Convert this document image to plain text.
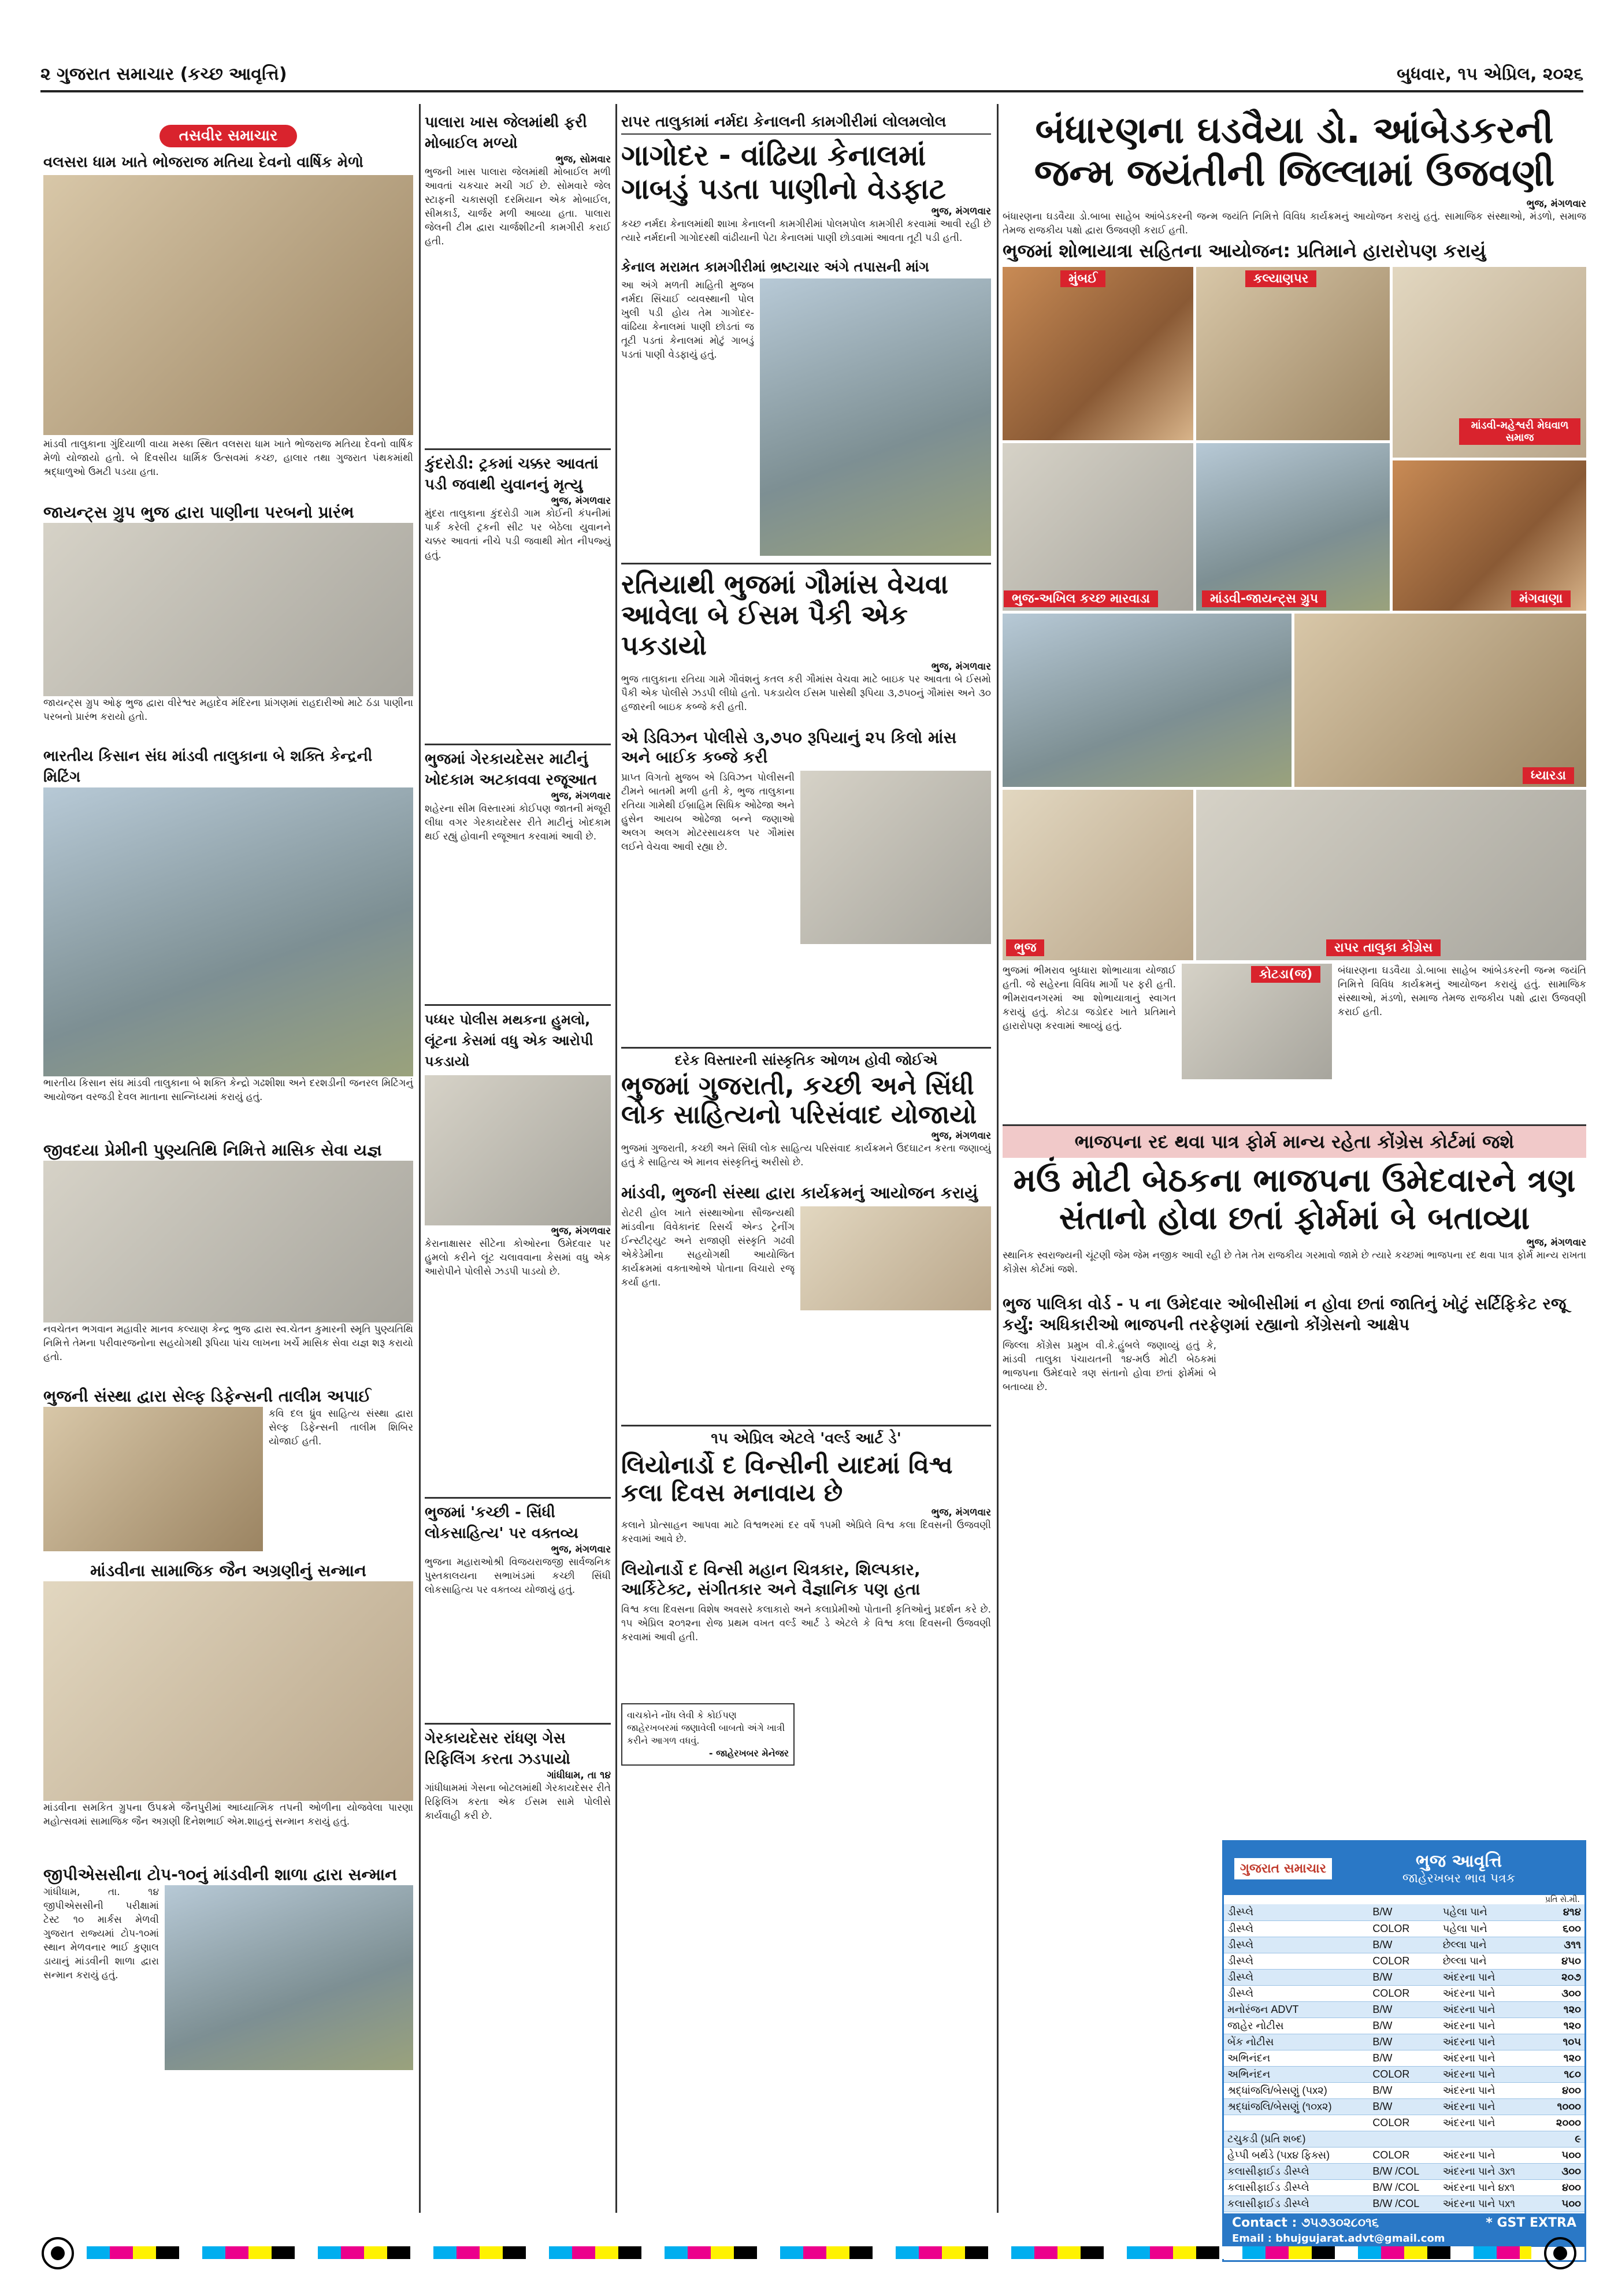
૨ ગુજરાત સમાચાર (કચ્છ આવૃત્તિ)	બુધવાર, ૧૫ એપ્રિલ, ૨૦૨૬
તસવીર સમાચાર
વલસરા ધામ ખાતે ભોજરાજ મતિયા દેવનો વાર્ષિક મેળો
માંડવી તાલુકાના ગુંદિયાળી વાયા મસ્કા સ્થિત વલસરા ધામ ખાતે ભોજરાજ મતિયા દેવનો વાર્ષિક મેળો યોજાયો હતો. બે દિવસીય ધાર્મિક ઉત્સવમાં કચ્છ, હાલાર તથા ગુજરાત પંથકમાંથી શ્રદ્ધાળુઓ ઉમટી પડયા હતા.
જાયન્ટ્સ ગ્રુપ ભુજ દ્વારા પાણીના પરબનો પ્રારંભ
જાયન્ટ્સ ગ્રુપ ઓફ ભુજ દ્વારા વીરેશ્વર મહાદેવ મંદિરના પ્રાંગણમાં રાહદારીઓ માટે ઠંડા પાણીના પરબનો પ્રારંભ કરાયો હતો.
ભારતીય કિસાન સંઘ માંડવી તાલુકાના બે શક્તિ કેન્દ્રની મિટિંગ
ભારતીય કિસાન સંઘ માંડવી તાલુકાના બે શક્તિ કેન્દ્રો ગઢશીશા અને દરશડીની જનરલ મિટિંગનું આયોજન વરજડી દેવલ માતાના સાન્નિધ્યમાં કરાયું હતું.
જીવદયા પ્રેમીની પુણ્યતિથિ નિમિત્તે માસિક સેવા યજ્ઞ
નવચેતન ભગવાન મહાવીર માનવ કલ્યાણ કેન્દ્ર ભુજ દ્વારા સ્વ.ચેતન કુમારની સ્મૃતિ પુણ્યતિથિ નિમિત્તે તેમના પરીવારજનોના સહયોગથી રૂપિયા પાંચ લાખના ખર્ચે માસિક સેવા યજ્ઞ શરૂ કરાયો હતો.
ભુજની સંસ્થા દ્વારા સેલ્ફ ડિફેન્સની તાલીમ અપાઈ
કવિ દલ ધ્રુંવ સાહિત્ય સંસ્થા દ્વારા સેલ્ફ ડિફેન્સની તાલીમ શિબિર યોજાઈ હતી.
માંડવીના સામાજિક જૈન અગ્રણીનું સન્માન
માંડવીના સમકિત ગ્રુપના ઉપક્રમે જૈનપુરીમાં આધ્યાત્મિક તપની ઓળીના યોજવેલા પારણા મહોત્સવમાં સામાજિક જૈન અગ્રણી દિનેશભાઈ એમ.શાહનું સન્માન કરાયું હતું.
જીપીએસસીના ટોપ-૧૦નું માંડવીની શાળા દ્વારા સન્માન
ગાંધીધામ, તા. ૧૪ જીપીએસસીની પરીક્ષામાં ટેસ્ટ ૧૦ માર્કસ મેળવી ગુજરાત રાજ્યમાં ટોપ-૧૦માં સ્થાન મેળવનાર ભાઈ કુણાલ ડાયાનું માંડવીની શાળા દ્વારા સન્માન કરાયું હતું.
પાલારા ખાસ જેલમાંથી ફરી મોબાઈલ મળ્યો
ભુજ, સોમવાર
ભુજની ખાસ પાલારા જેલમાંથી મોબાઈલ મળી આવતાં ચકચાર મચી ગઈ છે. સોમવારે જેલ સ્ટાફની ચકાસણી દરમિયાન એક મોબાઈલ, સીમકાર્ડ, ચાર્જર મળી આવ્યા હતા. પાલારા જેલની ટીમ દ્વારા ચાર્જશીટની કામગીરી કરાઈ હતી.
કુંદરોડી: ટ્રકમાં ચક્કર આવતાં પડી જવાથી યુવાનનું મૃત્યુ
ભુજ, મંગળવાર
મુંદરા તાલુકાના કુંદરોડી ગામ કોઈની કંપનીમાં પાર્ક કરેલી ટ્રકની સીટ પર બેઠેલા યુવાનને ચક્કર આવતાં નીચે પડી જવાથી મોત નીપજ્યું હતું.
ભુજમાં ગેરકાયદેસર માટીનું ખોદકામ અટકાવવા રજૂઆત
ભુજ, મંગળવાર
શહેરના સીમ વિસ્તારમાં કોઈપણ જાતની મંજૂરી લીધા વગર ગેરકાયદેસર રીતે માટીનું ખોદકામ થઈ રહ્યું હોવાની રજૂઆત કરવામાં આવી છે.
પધ્ધર પોલીસ મથકના હુમલો, લૂંટના કેસમાં વધુ એક આરોપી પકડાયો
ભુજ, મંગળવાર
કેરાનાક્ષાસર સીટેના કોઓરના ઉમેદવાર પર હુમલો કરીને લૂંટ ચલાવવાના કેસમાં વધુ એક આરોપીને પોલીસે ઝડપી પાડયો છે.
ભુજમાં 'કચ્છી - સિંધી લોકસાહિત્ય' પર વક્તવ્ય
ભુજ, મંગળવાર
ભુજના મહારાઓશ્રી વિજયરાજજી સાર્વજનિક પુસ્તકાલયના સભાખંડમાં કચ્છી સિંધી લોકસાહિત્ય પર વક્તવ્ય યોજાયું હતું.
ગેરકાયદેસર રાંધણ ગેસ રિફિલિંગ કરતા ઝડપાયો
ગાંધીધામ, તા ૧૪
ગાંધીધામમાં ગેસના બોટલમાંથી ગેરકાયદેસર રીતે રિફિલિંગ કરતા એક ઈસમ સામે પોલીસે કાર્યવાહી કરી છે.
રાપર તાલુકામાં નર્મદા કેનાલની કામગીરીમાં લોલમલોલ
ગાગોદર - વાંઢિયા કેનાલમાં ગાબડું પડતા પાણીનો વેડફાટ
ભુજ, મંગળવાર
કચ્છ નર્મદા કેનાલમાંથી શાખા કેનાલની કામગીરીમાં પોલમપોલ કામગીરી કરવામાં આવી રહી છે ત્યારે નર્મદાની ગાગોદરથી વાંઢીયાની પેટા કેનાલમાં પાણી છોડવામાં આવતા તૂટી પડી હતી.
કેનાલ મરામત કામગીરીમાં ભ્રષ્ટાચાર અંગે તપાસની માંગ
આ અંગે મળતી માહિતી મુજબ નર્મદા સિંચાઈ વ્યવસ્થાની પોલ ખુલી પડી હોય તેમ ગાગોદર-વાંઢિયા કેનાલમાં પાણી છોડતાં જ તૂટી પડતાં કેનાલમાં મોટું ગાબડું પડતાં પાણી વેડફાયું હતું.
રતિયાથી ભુજમાં ગૌમાંસ વેચવા આવેલા બે ઈસમ પૈકી એક પકડાયો
ભુજ, મંગળવાર
ભુજ તાલુકાના રતિયા ગામે ગૌવંશનું કતલ કરી ગૌમાંસ વેચવા માટે બાઇક પર આવતા બે ઈસમો પૈકી એક પોલીસે ઝડપી લીધો હતો. પકડાયેલ ઈસમ પાસેથી રૂપિયા ૩,૭૫૦નું ગૌમાંસ અને ૩૦ હજારની બાઇક કબ્જે કરી હતી.
એ ડિવિઝન પોલીસે ૩,૭૫૦ રૂપિયાનું ૨૫ કિલો માંસ અને બાઈક કબ્જે કરી
પ્રાપ્ત વિગતો મુજબ એ ડિવિઝન પોલીસની ટીમને બાતમી મળી હતી કે, ભુજ તાલુકાના રતિયા ગામેથી ઈબ્રાહિમ સિધિક ઓઢેજા અને હુસેન આયબ ઓઢેજા બન્ને જણાઓ અલગ અલગ મોટરસાયકલ પર ગૌમાંસ લઈને વેચવા આવી રહ્યા છે.
દરેક વિસ્તારની સાંસ્કૃતિક ઓળખ હોવી જોઈએ
ભુજમાં ગુજરાતી, કચ્છી અને સિંધી લોક સાહિત્યનો પરિસંવાદ યોજાયો
ભુજ, મંગળવાર
ભુજમાં ગુજરાતી, કચ્છી અને સિંધી લોક સાહિત્ય પરિસંવાદ કાર્યક્રમને ઉદઘાટન કરતા જણાવ્યું હતું કે સાહિત્ય એ માનવ સંસ્કૃતિનું અરીસો છે.
માંડવી, ભુજની સંસ્થા દ્વારા કાર્યક્રમનું આયોજન કરાયું
રોટરી હોલ ખાતે સંસ્થાઓના સૌજન્યથી માંડવીના વિવેકાનંદ રિસર્ચ એન્ડ ટ્રેનીંગ ઈન્સ્ટીટ્યુટ અને રાજાણી સંસ્કૃતિ ગઢવી એકેડેમીના સહયોગથી આયોજિત કાર્યક્રમમાં વક્તાઓએ પોતાના વિચારો રજૂ કર્યા હતા.
૧૫ એપ્રિલ એટલે 'વર્લ્ડ આર્ટ ડે'
લિયોનાર્ડો દ વિન્સીની યાદમાં વિશ્વ કલા દિવસ મનાવાય છે
ભુજ, મંગળવાર
કલાને પ્રોત્સાહન આપવા માટે વિશ્વભરમાં દર વર્ષે ૧૫મી એપ્રિલે વિશ્વ કલા દિવસની ઉજવણી કરવામાં આવે છે.
લિયોનાર્ડો દ વિન્સી મહાન ચિત્રકાર, શિલ્પકાર, આર્કિટેક્ટ, સંગીતકાર અને વૈજ્ઞાનિક પણ હતા
વિશ્વ કલા દિવસના વિશેષ અવસરે કલાકારો અને કલાપ્રેમીઓ પોતાની કૃતિઓનું પ્રદર્શન કરે છે. ૧૫ એપ્રિલ ૨૦૧૨ના રોજ પ્રથમ વખત વર્લ્ડ આર્ટ ડે એટલે કે વિશ્વ કલા દિવસની ઉજવણી કરવામાં આવી હતી.
વાચકોને નોંધ લેવી કે કોઈપણ જાહેરખબરમાં જણાવેલી બાબતો અંગે ખાત્રી કરીને આગળ વધવું.
- જાહેરખબર મેનેજર
બંધારણના ઘડવૈયા ડો. આંબેડકરની જન્મ જયંતીની જિલ્લામાં ઉજવણી
ભુજ, મંગળવાર
બંધારણના ઘડવૈયા ડો.બાબા સાહેબ આંબેડકરની જન્મ જયંતિ નિમિત્તે વિવિધ કાર્યક્રમનું આયોજન કરાયું હતું. સામાજિક સંસ્થાઓ, મંડળો, સમાજ તેમજ રાજકીય પક્ષો દ્વારા ઉજવણી કરાઈ હતી.
ભુજમાં શોભાયાત્રા સહિતના આયોજન: પ્રતિમાને હારારોપણ કરાયું
મુંબઈ	કલ્યાણપર
માંડવી-મહેશ્વરી મેઘવાળ સમાજ
ભુજ-અખિલ કચ્છ મારવાડા	માંડવી-જાયન્ટ્સ ગ્રુપ	મંગવાણા
ધ્યારડા
ભુજ	રાપર તાલુકા કોંગ્રેસ
ભુજમાં ભીમરાવ બુધ્ધારા શોભાયાત્રા યોજાઈ હતી. જે સહેરના વિવિધ માર્ગો પર ફરી હતી. ભીમરાવનગરમાં આ શોભાયાત્રાનું સ્વાગત કરાયું હતું. કોટડા જડોદર ખાતે પ્રતિમાને હારારોપણ કરવામાં આવ્યું હતું.
કોટડા(જ)	બંધારણના ઘડવૈયા ડો.બાબા સાહેબ આંબેડકરની જન્મ જયંતિ નિમિત્તે વિવિધ કાર્યક્રમનું આયોજન કરાયું હતું. સામાજિક સંસ્થાઓ, મંડળો, સમાજ તેમજ રાજકીય પક્ષો દ્વારા ઉજવણી કરાઈ હતી.
ભાજપના રદ થવા પાત્ર ફોર્મ માન્ય રહેતા કોંગ્રેસ કોર્ટમાં જશે
મઉં મોટી બેઠકના ભાજપના ઉમેદવારને ત્રણ સંતાનો હોવા છતાં ફોર્મમાં બે બતાવ્યા
ભુજ, મંગળવાર
સ્થાનિક સ્વરાજ્યની ચૂંટણી જેમ જેમ નજીક આવી રહી છે તેમ તેમ રાજકીય ગરમાવો જામે છે ત્યારે કચ્છમાં ભાજપના રદ થવા પાત્ર ફોર્મ માન્ય રાખતા કોંગ્રેસ કોર્ટમાં જશે.
ભુજ પાલિકા વોર્ડ - ૫ ના ઉમેદવાર ઓબીસીમાં ન હોવા છતાં જાતિનું ખોટું સર્ટિફિકેટ રજૂ કર્યું: અધિકારીઓ ભાજપની તરફેણમાં રહ્યાનો કોંગ્રેસનો આક્ષેપ
જિલ્લા કોંગ્રેસ પ્રમુખ વી.કે.હુંબલે જણાવ્યું હતું કે, માંડવી તાલુકા પંચાયતની ૧૪-મઉં મોટી બેઠકમાં ભાજપના ઉમેદવારે ત્રણ સંતાનો હોવા છતાં ફોર્મમાં બે બતાવ્યા છે.
ગુજરાત સમાચાર	ભુજ આવૃત્તિ
જાહેરખબર ભાવ પત્રક
પ્રતિ સે.મી.
ડીસ્પ્લે	B/W	પહેલા પાને	૪૧૪
ડીસ્પ્લે	COLOR	પહેલા પાને	૬૦૦
ડીસ્પ્લે	B/W	છેલ્લા પાને	૩૧૧
ડીસ્પ્લે	COLOR	છેલ્લા પાને	૪૫૦
ડીસ્પ્લે	B/W	અંદરના પાને	૨૦૭
ડીસ્પ્લે	COLOR	અંદરના પાને	૩૦૦
મનોરંજન ADVT	B/W	અંદરના પાને	૧૨૦
જાહેર નોટીસ	B/W	અંદરના પાને	૧૨૦
બેંક નોટીસ	B/W	અંદરના પાને	૧૦૫
અભિનંદન	B/W	અંદરના પાને	૧૨૦
અભિનંદન	COLOR	અંદરના પાને	૧૮૦
શ્રદ્ધાંજલિ/બેસણું (૫x૨)	B/W	અંદરના પાને	૪૦૦
શ્રદ્ધાંજલિ/બેસણું (૧૦x૨)	B/W	અંદરના પાને	૧૦૦૦
	COLOR	અંદરના પાને	૨૦૦૦
ટચુકડી (પ્રતિ શબ્દ)			૯
હેપ્પી બર્થડે (૫x૪ ફિક્સ)	COLOR	અંદરના પાને	૫૦૦
કલાસીફાઈડ ડીસ્પ્લે	B/W /COL	અંદરના પાને ૩x૧	૩૦૦
કલાસીફાઈડ ડીસ્પ્લે	B/W /COL	અંદરના પાને ૪x૧	૪૦૦
કલાસીફાઈડ ડીસ્પ્લે	B/W /COL	અંદરના પાને ૫x૧	૫૦૦
Contact : ૭૫૭૩૦૨૮૦૧૬	* GST EXTRA
Email : bhujgujarat.advt@gmail.com
